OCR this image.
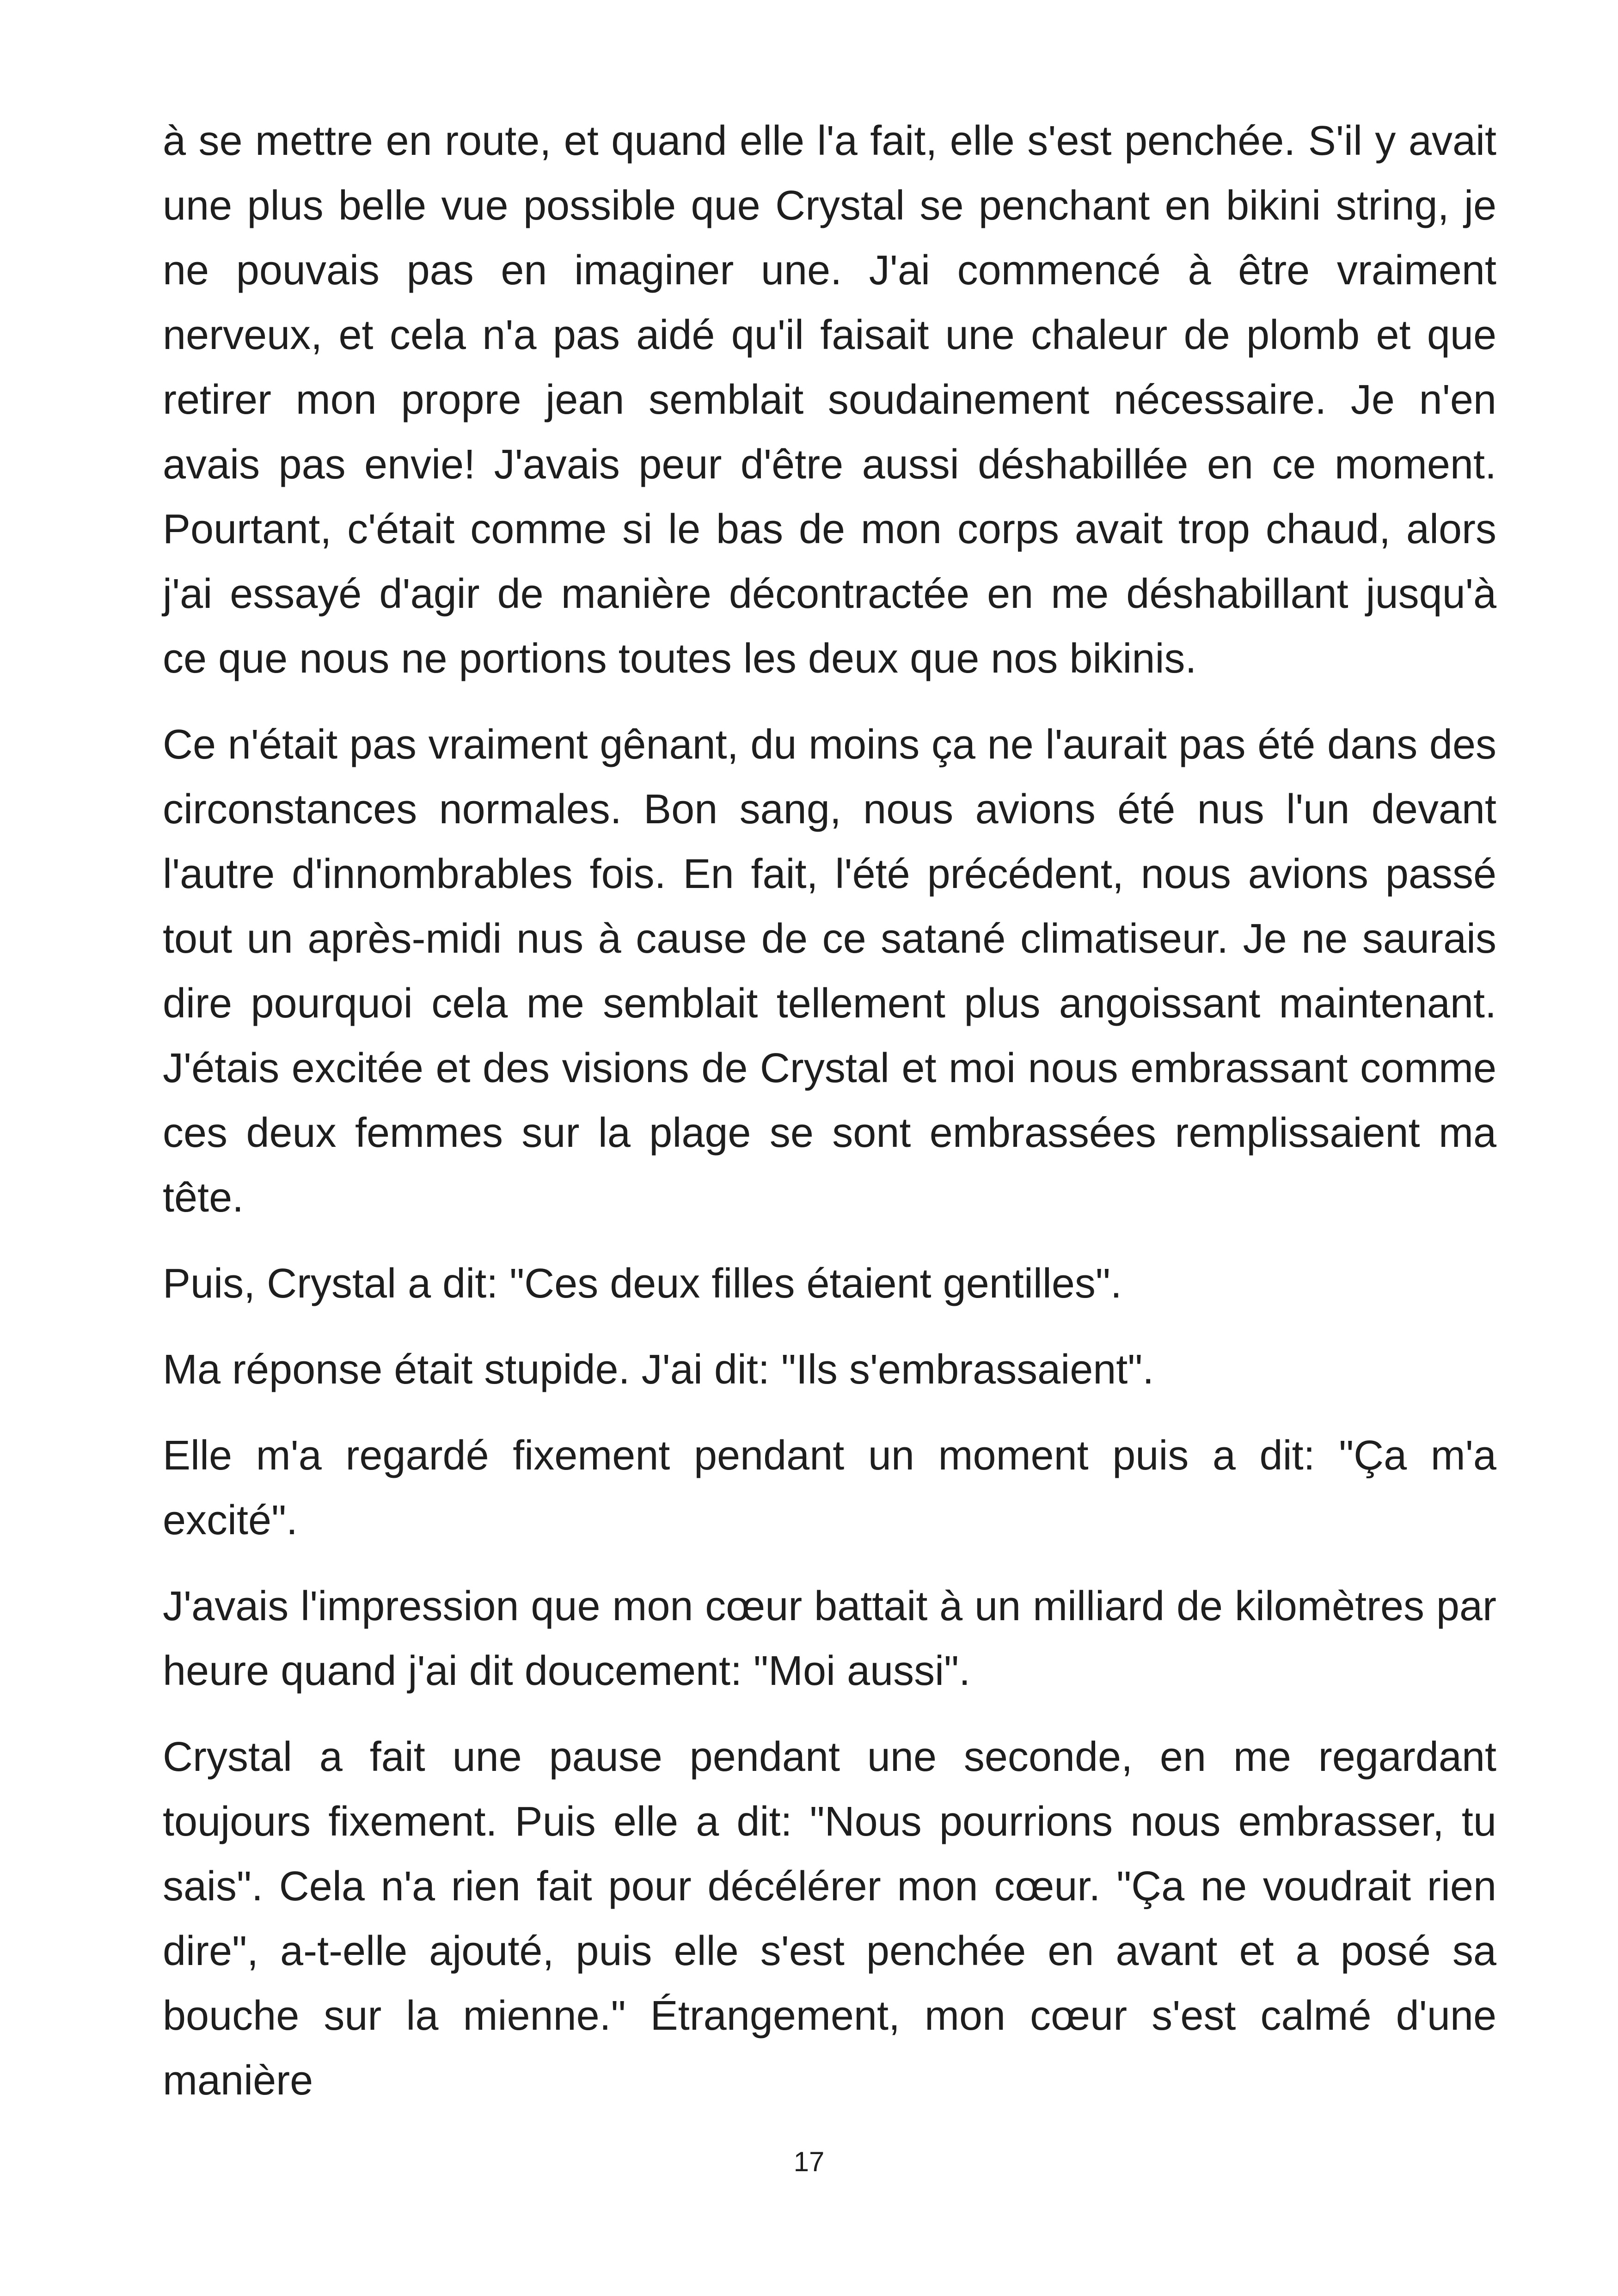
à se mettre en route, et quand elle l'a fait, elle s'est penchée. S'il y avait une plus belle vue possible que Crystal se penchant en bikini string, je ne pouvais pas en imaginer une. J'ai commencé à être vraiment nerveux, et cela n'a pas aidé qu'il faisait une chaleur de plomb et que retirer mon propre jean semblait soudainement nécessaire. Je n'en avais pas envie! J'avais peur d'être aussi déshabillée en ce moment. Pourtant, c'était comme si le bas de mon corps avait trop chaud, alors j'ai essayé d'agir de manière décontractée en me déshabillant jusqu'à ce que nous ne portions toutes les deux que nos bikinis.

Ce n'était pas vraiment gênant, du moins ça ne l'aurait pas été dans des circonstances normales. Bon sang, nous avions été nus l'un devant l'autre d'innombrables fois. En fait, l'été précédent, nous avions passé tout un après-midi nus à cause de ce satané climatiseur. Je ne saurais dire pourquoi cela me semblait tellement plus angoissant maintenant. J'étais excitée et des visions de Crystal et moi nous embrassant comme ces deux femmes sur la plage se sont embrassées remplissaient ma tête.

Puis, Crystal a dit: "Ces deux filles étaient gentilles".

Ma réponse était stupide. J'ai dit: "Ils s'embrassaient".

Elle m'a regardé fixement pendant un moment puis a dit: "Ça m'a excité".

J'avais l'impression que mon cœur battait à un milliard de kilomètres par heure quand j'ai dit doucement: "Moi aussi".

Crystal a fait une pause pendant une seconde, en me regardant toujours fixement. Puis elle a dit: "Nous pourrions nous embrasser, tu sais". Cela n'a rien fait pour décélérer mon cœur. "Ça ne voudrait rien dire", a-t-elle ajouté, puis elle s'est penchée en avant et a posé sa bouche sur la mienne." Étrangement, mon cœur s'est calmé d'une manière

17
